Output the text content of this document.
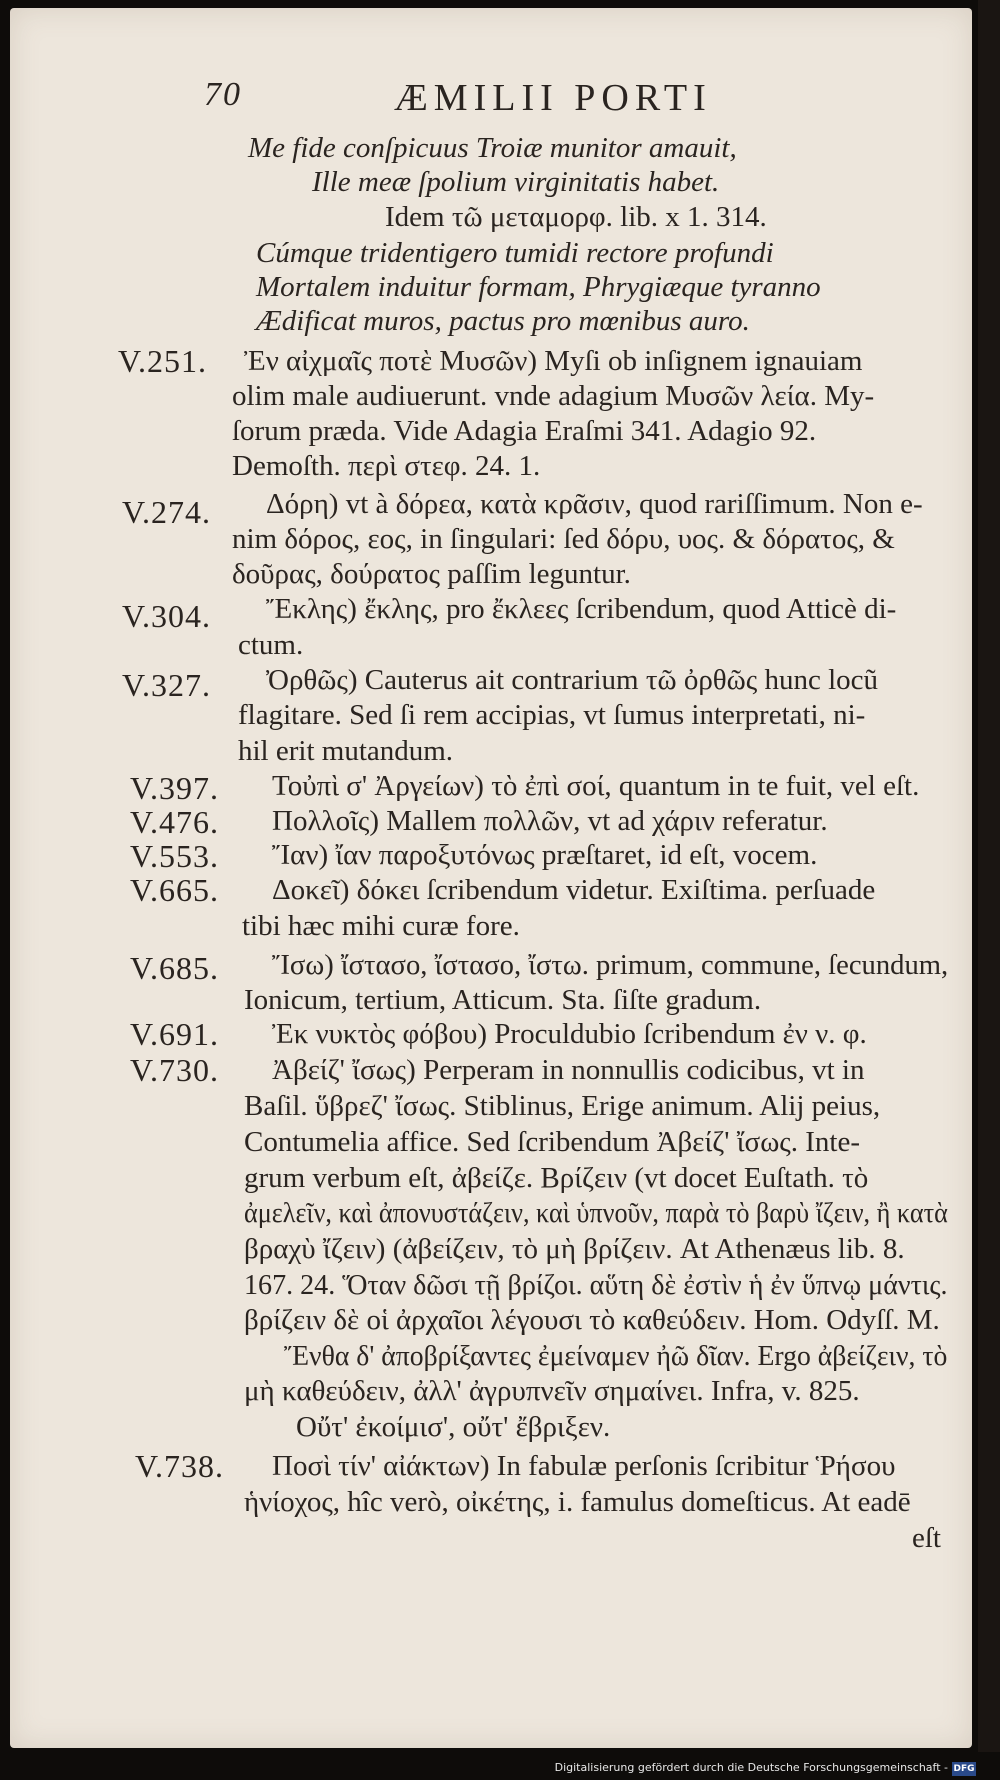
70	ÆMILII PORTI
Me fide conſpicuus Troiæ munitor amauit,
Ille meæ ſpolium virginitatis habet.
Idem τῶ μεταμορφ. lib. x 1. 314.
Cúmque tridentigero tumidi rectore profundi
Mortalem induitur formam, Phrygiæque tyranno
Ædificat muros, pactus pro mœnibus auro.
V.251.
V.274.
V.304.
V.327.
V.397.
V.476.
V.553.
V.665.
V.685.
V.691.
V.730.
V.738.
Ἐν αἰχμαῖς ποτὲ Μυσῶν) Myſi ob inſignem ignauiam
olim male audiuerunt. vnde adagium Μυσῶν λεία. My-
ſorum præda. Vide Adagia Eraſmi 341. Adagio 92.
Demoſth. περὶ στεφ. 24. 1.
Δόρη) vt à δόρεα, κατὰ κρᾶσιν, quod rariſſimum. Non e-
nim δόρος, εος, in ſingulari: ſed δόρυ, υος. & δόρατος, &
δοῦρας, δούρατος paſſim leguntur.
Ἔκλης) ἔκλης, pro ἔκλεες ſcribendum, quod Atticè di-
ctum.
Ὀρθῶς) Cauterus ait contrarium τῶ ὀρθῶς hunc locũ
flagitare. Sed ſi rem accipias, vt ſumus interpretati, ni-
hil erit mutandum.
Τοὐπὶ σ' Ἀργείων) τὸ ἐπὶ σοί, quantum in te fuit, vel eſt.
Πολλοῖς) Mallem πολλῶν, vt ad χάριν referatur.
Ἴαν) ἴαν παροξυτόνως præſtaret, id eſt, vocem.
Δοκεῖ) δόκει ſcribendum videtur. Exiſtima. perſuade
tibi hæc mihi curæ fore.
Ἴσω) ἴστασο, ἴστασο, ἴστω. primum, commune, ſecundum,
Ionicum, tertium, Atticum. Sta. ſiſte gradum.
Ἐκ νυκτὸς φόβου) Proculdubio ſcribendum ἐν ν. φ.
Ἀβείζ' ἴσως) Perperam in nonnullis codicibus, vt in
Baſil. ὕβρεζ' ἴσως. Stiblinus, Erige animum. Alij peius,
Contumelia affice. Sed ſcribendum Ἀβείζ' ἴσως. Inte-
grum verbum eſt, ἀβείζε. Βρίζειν (vt docet Euſtath. τὸ
ἀμελεῖν, καὶ ἀπονυστάζειν, καὶ ὑπνοῦν, παρὰ τὸ βαρὺ ἴζειν, ἢ κατὰ
βραχὺ ἴζειν) (ἀβείζειν, τὸ μὴ βρίζειν. At Athenæus lib. 8.
167. 24. Ὅταν δῶσι τῇ βρίζοι. αὕτη δὲ ἐστὶν ἡ ἐν ὕπνῳ μάντις.
βρίζειν δὲ οἱ ἀρχαῖοι λέγουσι τὸ καθεύδειν. Hom. Odyſſ. Μ.
Ἔνθα δ' ἀποβρίξαντες ἐμείναμεν ἠῶ δῖαν. Ergo ἀβείζειν, τὸ
μὴ καθεύδειν, ἀλλ' ἀγρυπνεῖν σημαίνει. Infra, v. 825.
Οὔτ' ἐκοίμισ', οὔτ' ἔβριξεν.
Ποσὶ τίν' αἰάκτων) In fabulæ perſonis ſcribitur Ῥήσου
ἡνίοχος, hîc verò, οἰκέτης, i. famulus domeſticus. At eadē
eſt
Digitalisierung gefördert durch die Deutsche Forschungsgemeinschaft - DFG
